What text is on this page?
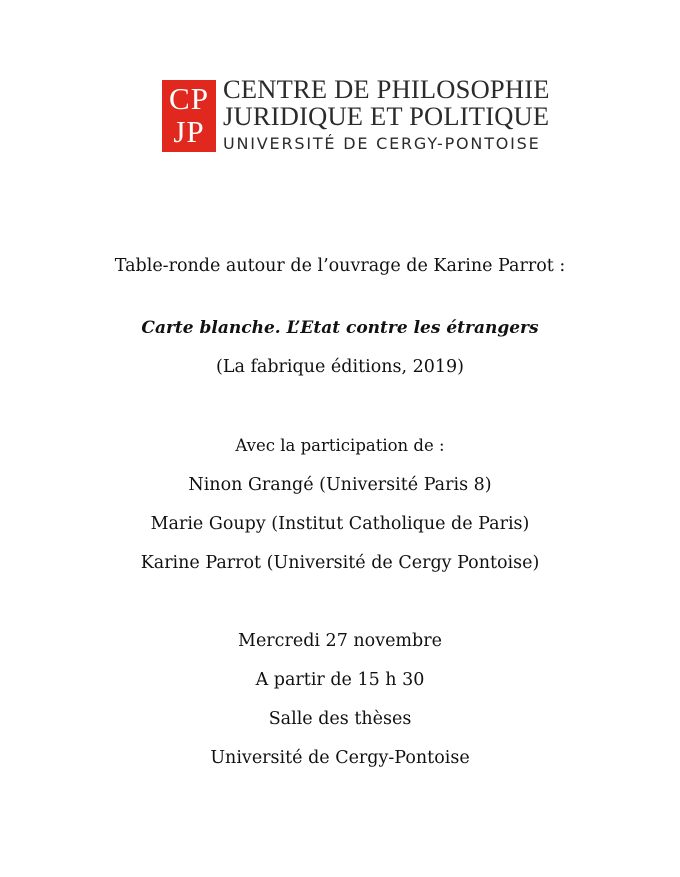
CP
JP
CENTRE DE PHILOSOPHIE
JURIDIQUE ET POLITIQUE
UNIVERSITÉ DE CERGY-PONTOISE
Table-ronde autour de l’ouvrage de Karine Parrot :
Carte blanche. L’Etat contre les étrangers
(La fabrique éditions, 2019)
Avec la participation de :
Ninon Grangé (Université Paris 8)
Marie Goupy (Institut Catholique de Paris)
Karine Parrot (Université de Cergy Pontoise)
Mercredi 27 novembre
A partir de 15 h 30
Salle des thèses
Université de Cergy-Pontoise
